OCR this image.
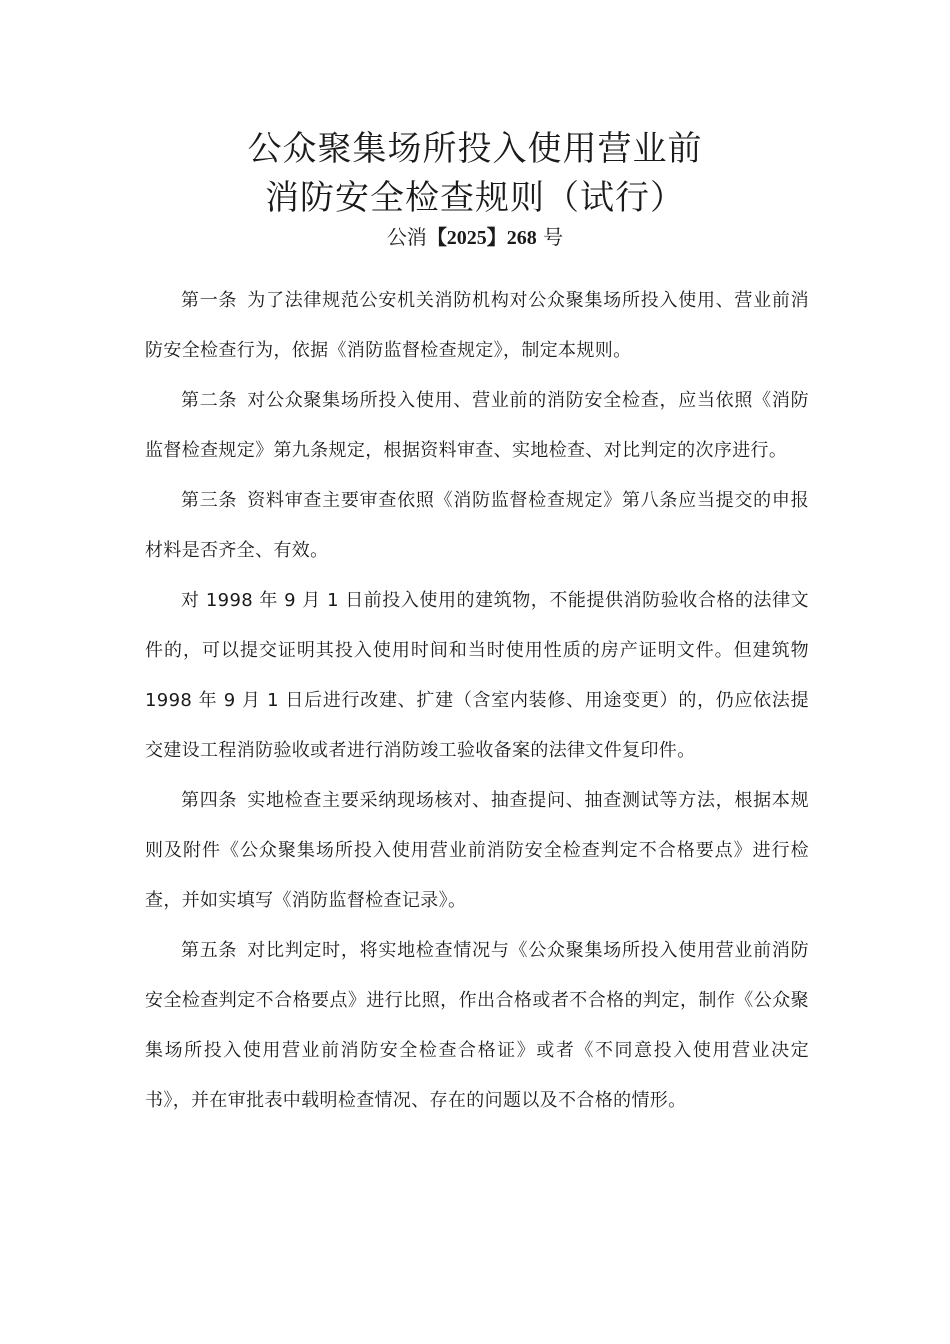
公众聚集场所投入使用营业前
消防安全检查规则（试行）
公消【2025】268 号

第一条 为了法律规范公安机关消防机构对公众聚集场所投入使用、营业前消防安全检查行为，依据《消防监督检查规定》，制定本规则。

第二条 对公众聚集场所投入使用、营业前的消防安全检查，应当依照《消防监督检查规定》第九条规定，根据资料审查、实地检查、对比判定的次序进行。

第三条 资料审查主要审查依照《消防监督检查规定》第八条应当提交的申报材料是否齐全、有效。

对 1998 年 9 月 1 日前投入使用的建筑物，不能提供消防验收合格的法律文件的，可以提交证明其投入使用时间和当时使用性质的房产证明文件。但建筑物 1998 年 9 月 1 日后进行改建、扩建（含室内装修、用途变更）的，仍应依法提交建设工程消防验收或者进行消防竣工验收备案的法律文件复印件。

第四条 实地检查主要采纳现场核对、抽查提问、抽查测试等方法，根据本规则及附件《公众聚集场所投入使用营业前消防安全检查判定不合格要点》进行检查，并如实填写《消防监督检查记录》。

第五条 对比判定时，将实地检查情况与《公众聚集场所投入使用营业前消防安全检查判定不合格要点》进行比照，作出合格或者不合格的判定，制作《公众聚集场所投入使用营业前消防安全检查合格证》或者《不同意投入使用营业决定书》，并在审批表中载明检查情况、存在的问题以及不合格的情形。
